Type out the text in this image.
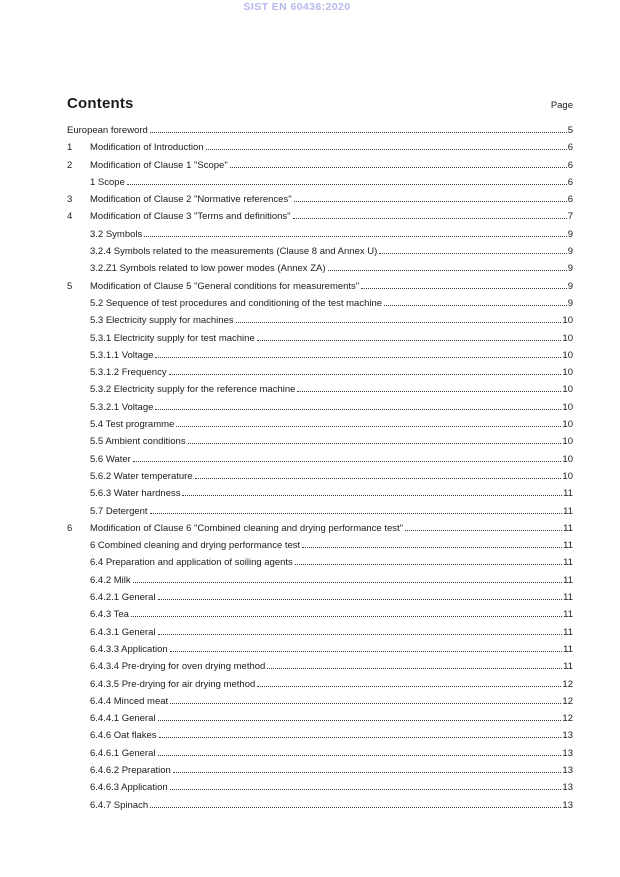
SIST EN 60436:2020
Contents	Page
European foreword	5
1	Modification of Introduction	6
2	Modification of Clause 1 "Scope"	6
1 Scope	6
3	Modification of Clause 2 "Normative references"	6
4	Modification of Clause 3 "Terms and definitions"	7
3.2 Symbols	9
3.2.4 Symbols related to the measurements (Clause 8 and Annex U)	9
3.2.Z1 Symbols related to low power modes (Annex ZA)	9
5	Modification of Clause 5 "General conditions for measurements"	9
5.2 Sequence of test procedures and conditioning of the test machine	9
5.3 Electricity supply for machines	10
5.3.1 Electricity supply for test machine	10
5.3.1.1 Voltage	10
5.3.1.2 Frequency	10
5.3.2 Electricity supply for the reference machine	10
5.3.2.1 Voltage	10
5.4 Test programme	10
5.5 Ambient conditions	10
5.6 Water	10
5.6.2 Water temperature	10
5.6.3 Water hardness	11
5.7 Detergent	11
6	Modification of Clause 6 "Combined cleaning and drying performance test"	11
6 Combined cleaning and drying performance test	11
6.4 Preparation and application of soiling agents	11
6.4.2 Milk	11
6.4.2.1 General	11
6.4.3 Tea	11
6.4.3.1 General	11
6.4.3.3 Application	11
6.4.3.4 Pre-drying for oven drying method	11
6.4.3.5 Pre-drying for air drying method	12
6.4.4 Minced meat	12
6.4.4.1 General	12
6.4.6 Oat flakes	13
6.4.6.1 General	13
6.4.6.2 Preparation	13
6.4.6.3 Application	13
6.4.7 Spinach	13
